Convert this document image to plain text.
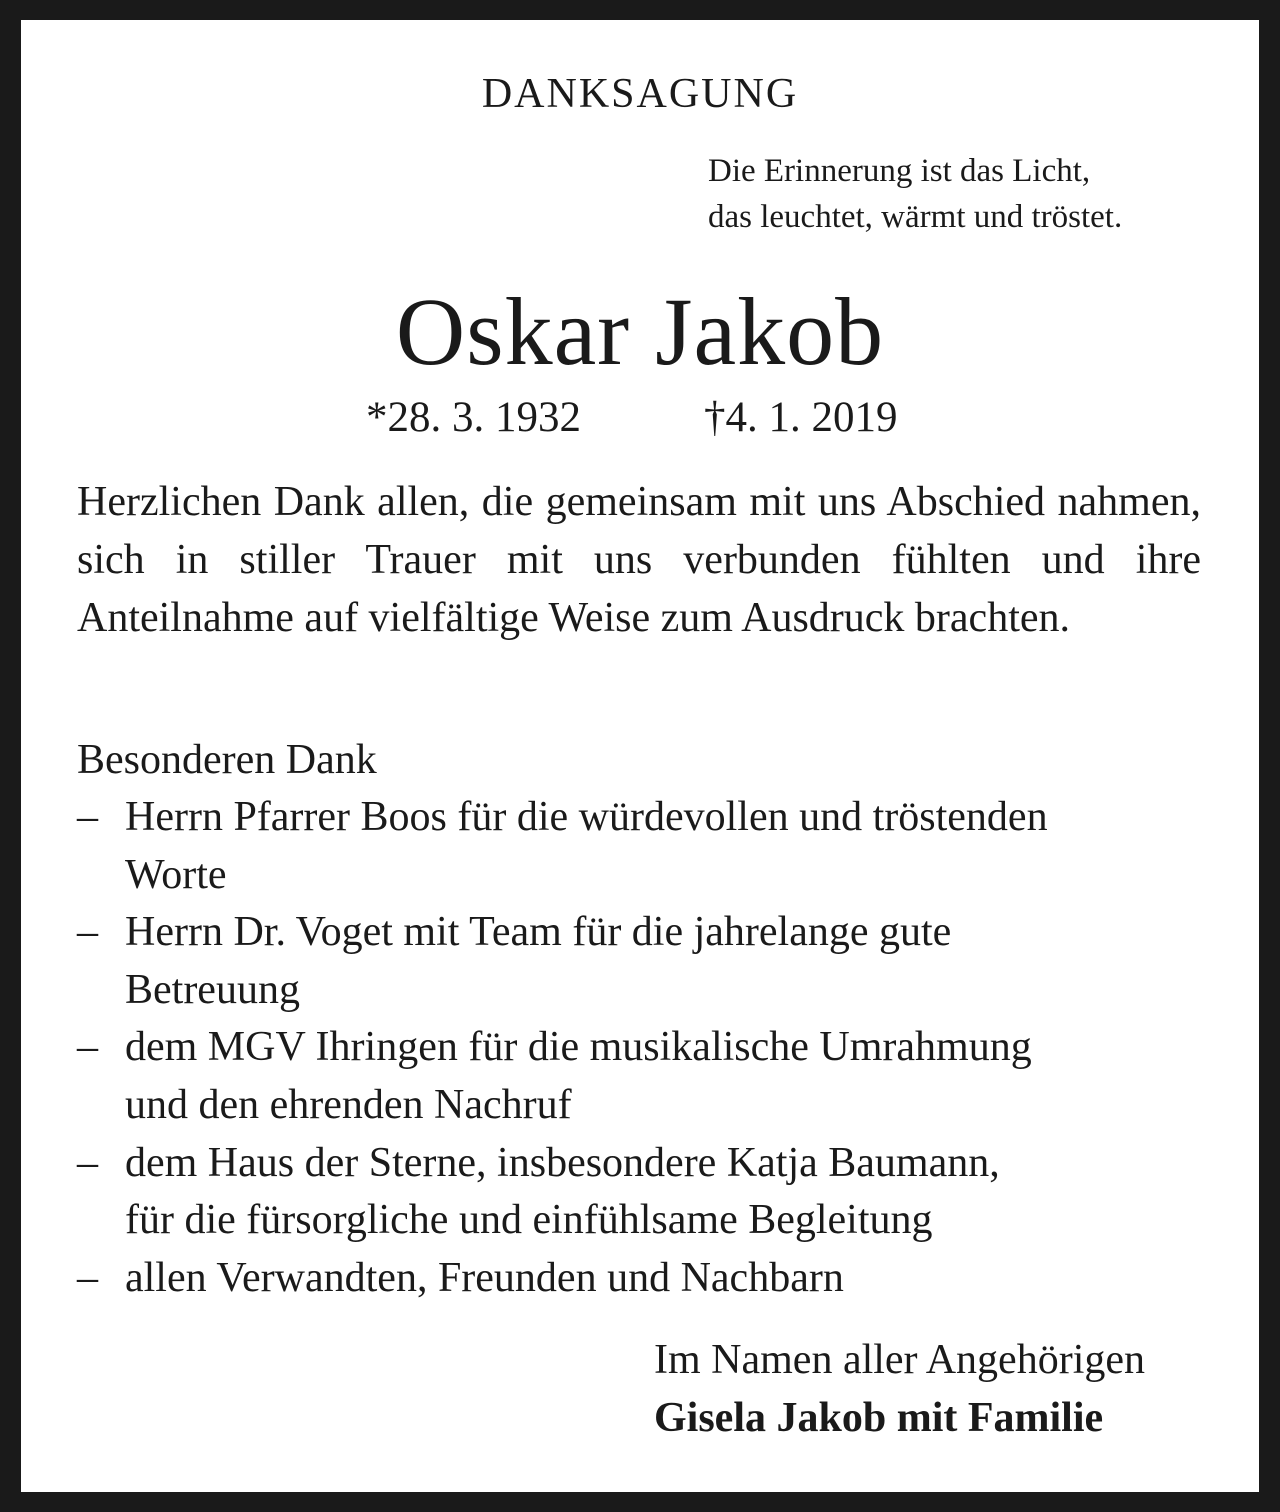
DANKSAGUNG
Die Erinnerung ist das Licht,
das leuchtet, wärmt und tröstet.
Oskar Jakob
*28. 3. 1932	†4. 1. 2019

Herzlichen Dank allen, die gemeinsam mit uns Abschied nahmen, sich in stiller Trauer mit uns verbunden fühlten und ihre Anteilnahme auf vielfältige Weise zum Ausdruck brachten.

Besonderen Dank
– Herrn Pfarrer Boos für die würdevollen und tröstenden
Worte
– Herrn Dr. Voget mit Team für die jahrelange gute
Betreuung
– dem MGV Ihringen für die musikalische Umrahmung
und den ehrenden Nachruf
– dem Haus der Sterne, insbesondere Katja Baumann,
für die fürsorgliche und einfühlsame Begleitung
– allen Verwandten, Freunden und Nachbarn
Im Namen aller Angehörigen
Gisela Jakob mit Familie
